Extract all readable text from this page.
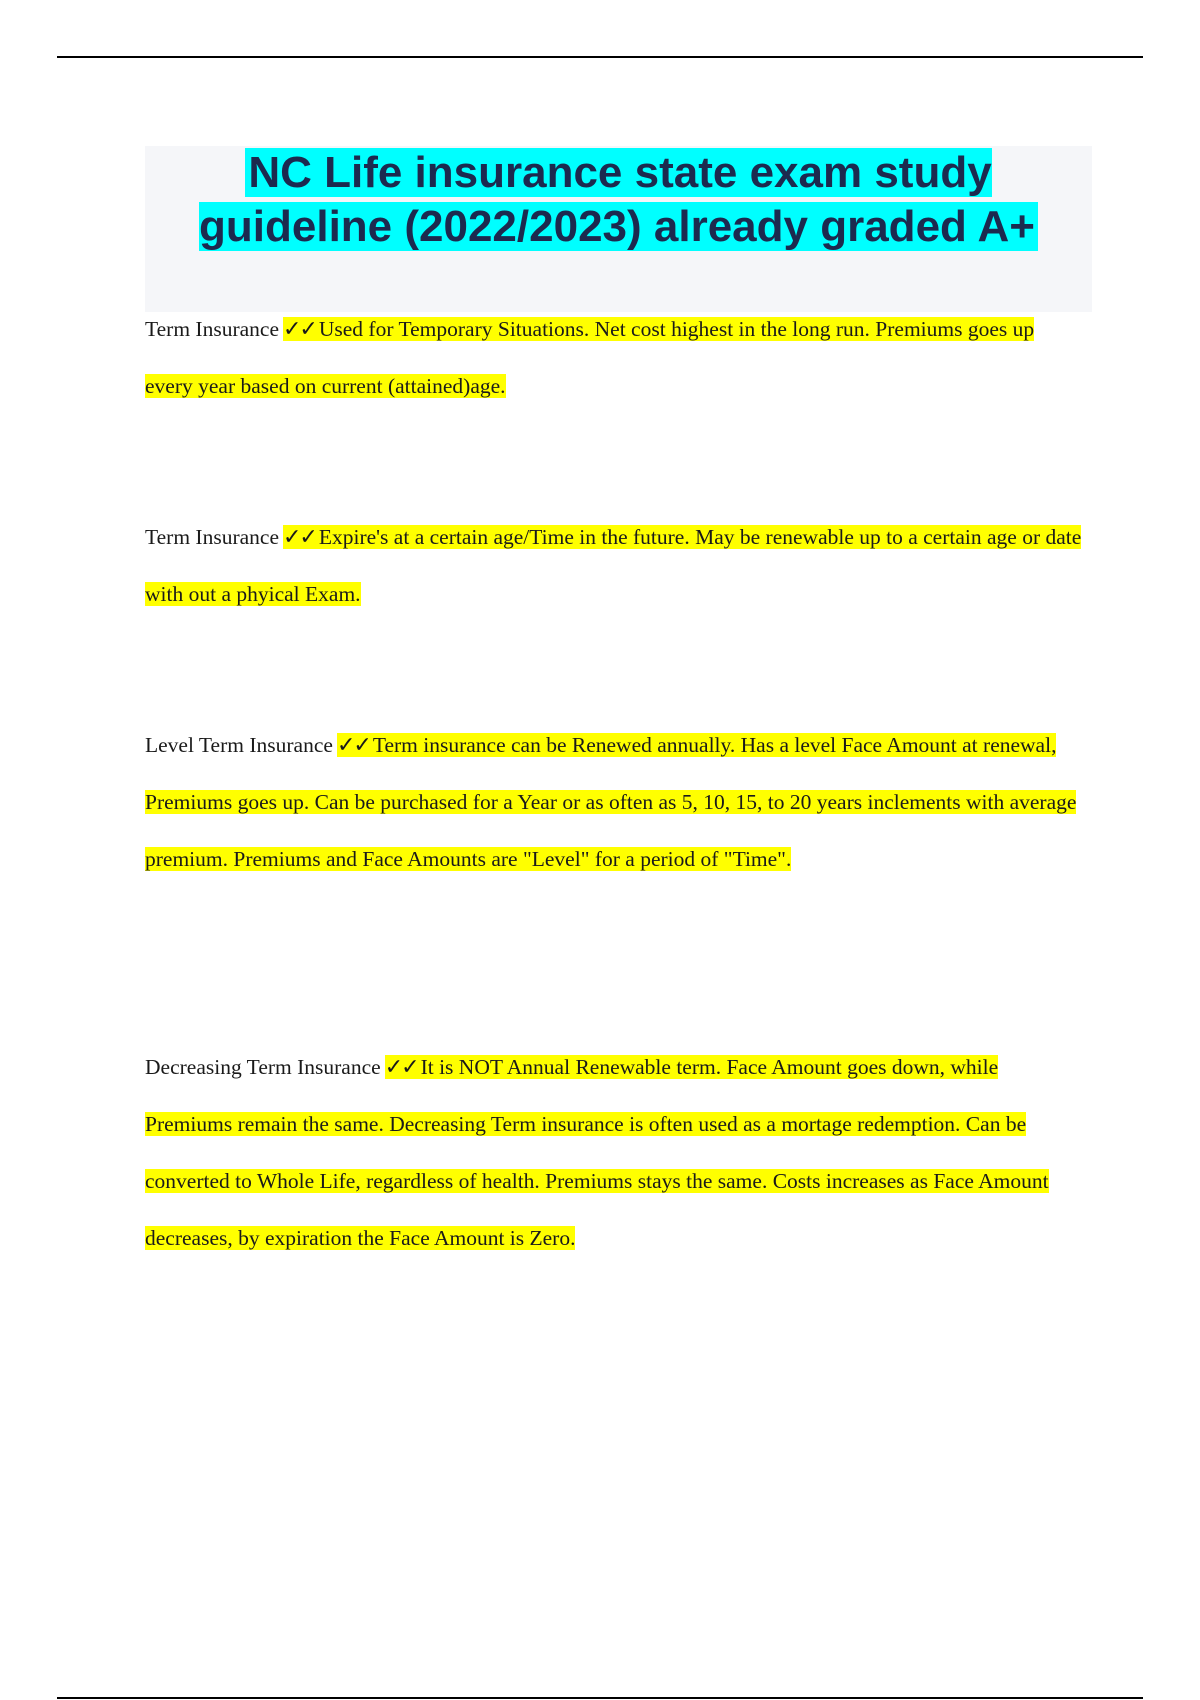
NC Life insurance state exam study guideline (2022/2023) already graded A+

Term Insurance ✓✓ Used for Temporary Situations. Net cost highest in the long run. Premiums goes up every year based on current (attained)age.

Term Insurance ✓✓ Expire's at a certain age/Time in the future. May be renewable up to a certain age or date with out a phyical Exam.

Level Term Insurance ✓✓ Term insurance can be Renewed annually. Has a level Face Amount at renewal, Premiums goes up. Can be purchased for a Year or as often as 5, 10, 15, to 20 years inclements with average premium. Premiums and Face Amounts are "Level" for a period of "Time".

Decreasing Term Insurance ✓✓ It is NOT Annual Renewable term. Face Amount goes down, while Premiums remain the same. Decreasing Term insurance is often used as a mortage redemption. Can be converted to Whole Life, regardless of health. Premiums stays the same. Costs increases as Face Amount decreases, by expiration the Face Amount is Zero.
